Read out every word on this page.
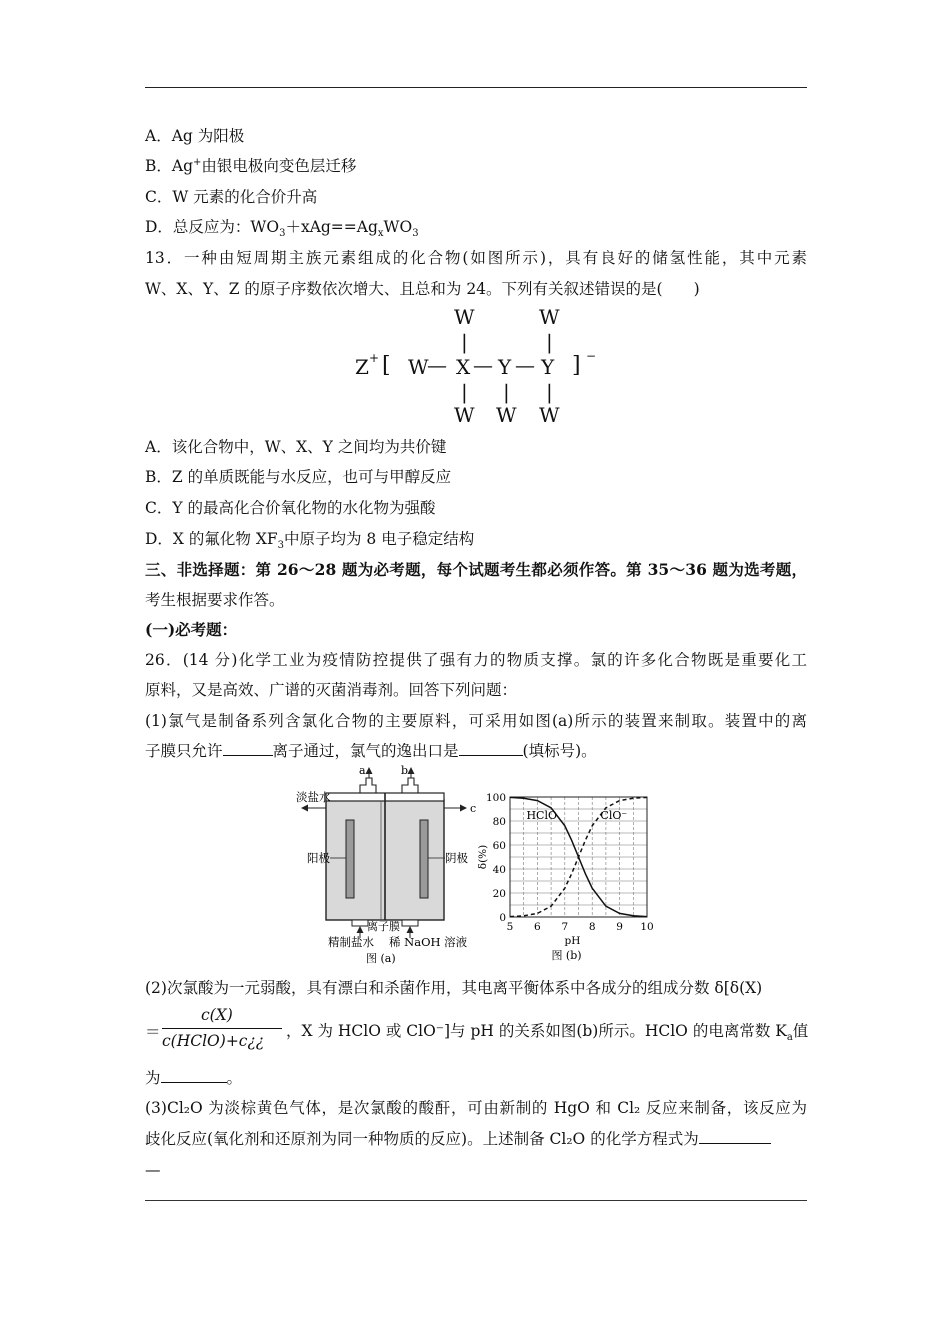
A．Ag 为阳极
B．Ag+由银电极向变色层迁移
C．W 元素的化合价升高
D．总反应为：$WO_3+xAg==Ag_xWO_3$
13．一种由短周期主族元素组成的化合物(如图所示)，具有良好的储氢性能，其中元素
W、X、Y、Z 的原子序数依次增大、且总和为 24。下列有关叙述错误的是(　　)
Z + [ W
— X — Y — Y ] −
W	W
|	|
| | |
W W W
A．该化合物中，W、X、Y 之间均为共价键
B．Z 的单质既能与水反应，也可与甲醇反应
C．Y 的最高化合价氧化物的水化物为强酸
D．X 的氟化物 $XF_3$中原子均为 8 电子稳定结构
三、非选择题：第 26～28 题为必考题，每个试题考生都必须作答。第 35～36 题为选考题，
考生根据要求作答。
(一)必考题：
26．(14 分)化学工业为疫情防控提供了强有力的物质支撑。氯的许多化合物既是重要化工
原料，又是高效、广谱的灭菌消毒剂。回答下列问题：
(1)氯气是制备系列含氯化合物的主要原料，可采用如图(a)所示的装置来制取。装置中的离
子膜只允许	离子通过，氯气的逸出口是	(填标号)。
a	b
淡盐水
c
阳极	阴极
离子膜
精制盐水 稀 NaOH 溶液
图 (a)
5 6 7 8 9 10
0
20
40
60
80
100
pH
δ(%)
图 (b)
HClO	ClO⁻
(2)次氯酸为一元弱酸，具有漂白和杀菌作用，其电离平衡体系中各成分的组成分数 δ[δ(X)
＝
c(X)
c(HClO)+c¿¿
，X 为 HClO 或 ClO⁻]与 pH 的关系如图(b)所示。HClO 的电离常数 $K_a$值
为	。
(3)Cl₂O 为淡棕黄色气体，是次氯酸的酸酐，可由新制的 HgO 和 Cl₂ 反应来制备，该反应为
歧化反应(氧化剂和还原剂为同一种物质的反应)。上述制备 Cl₂O 的化学方程式为
—
